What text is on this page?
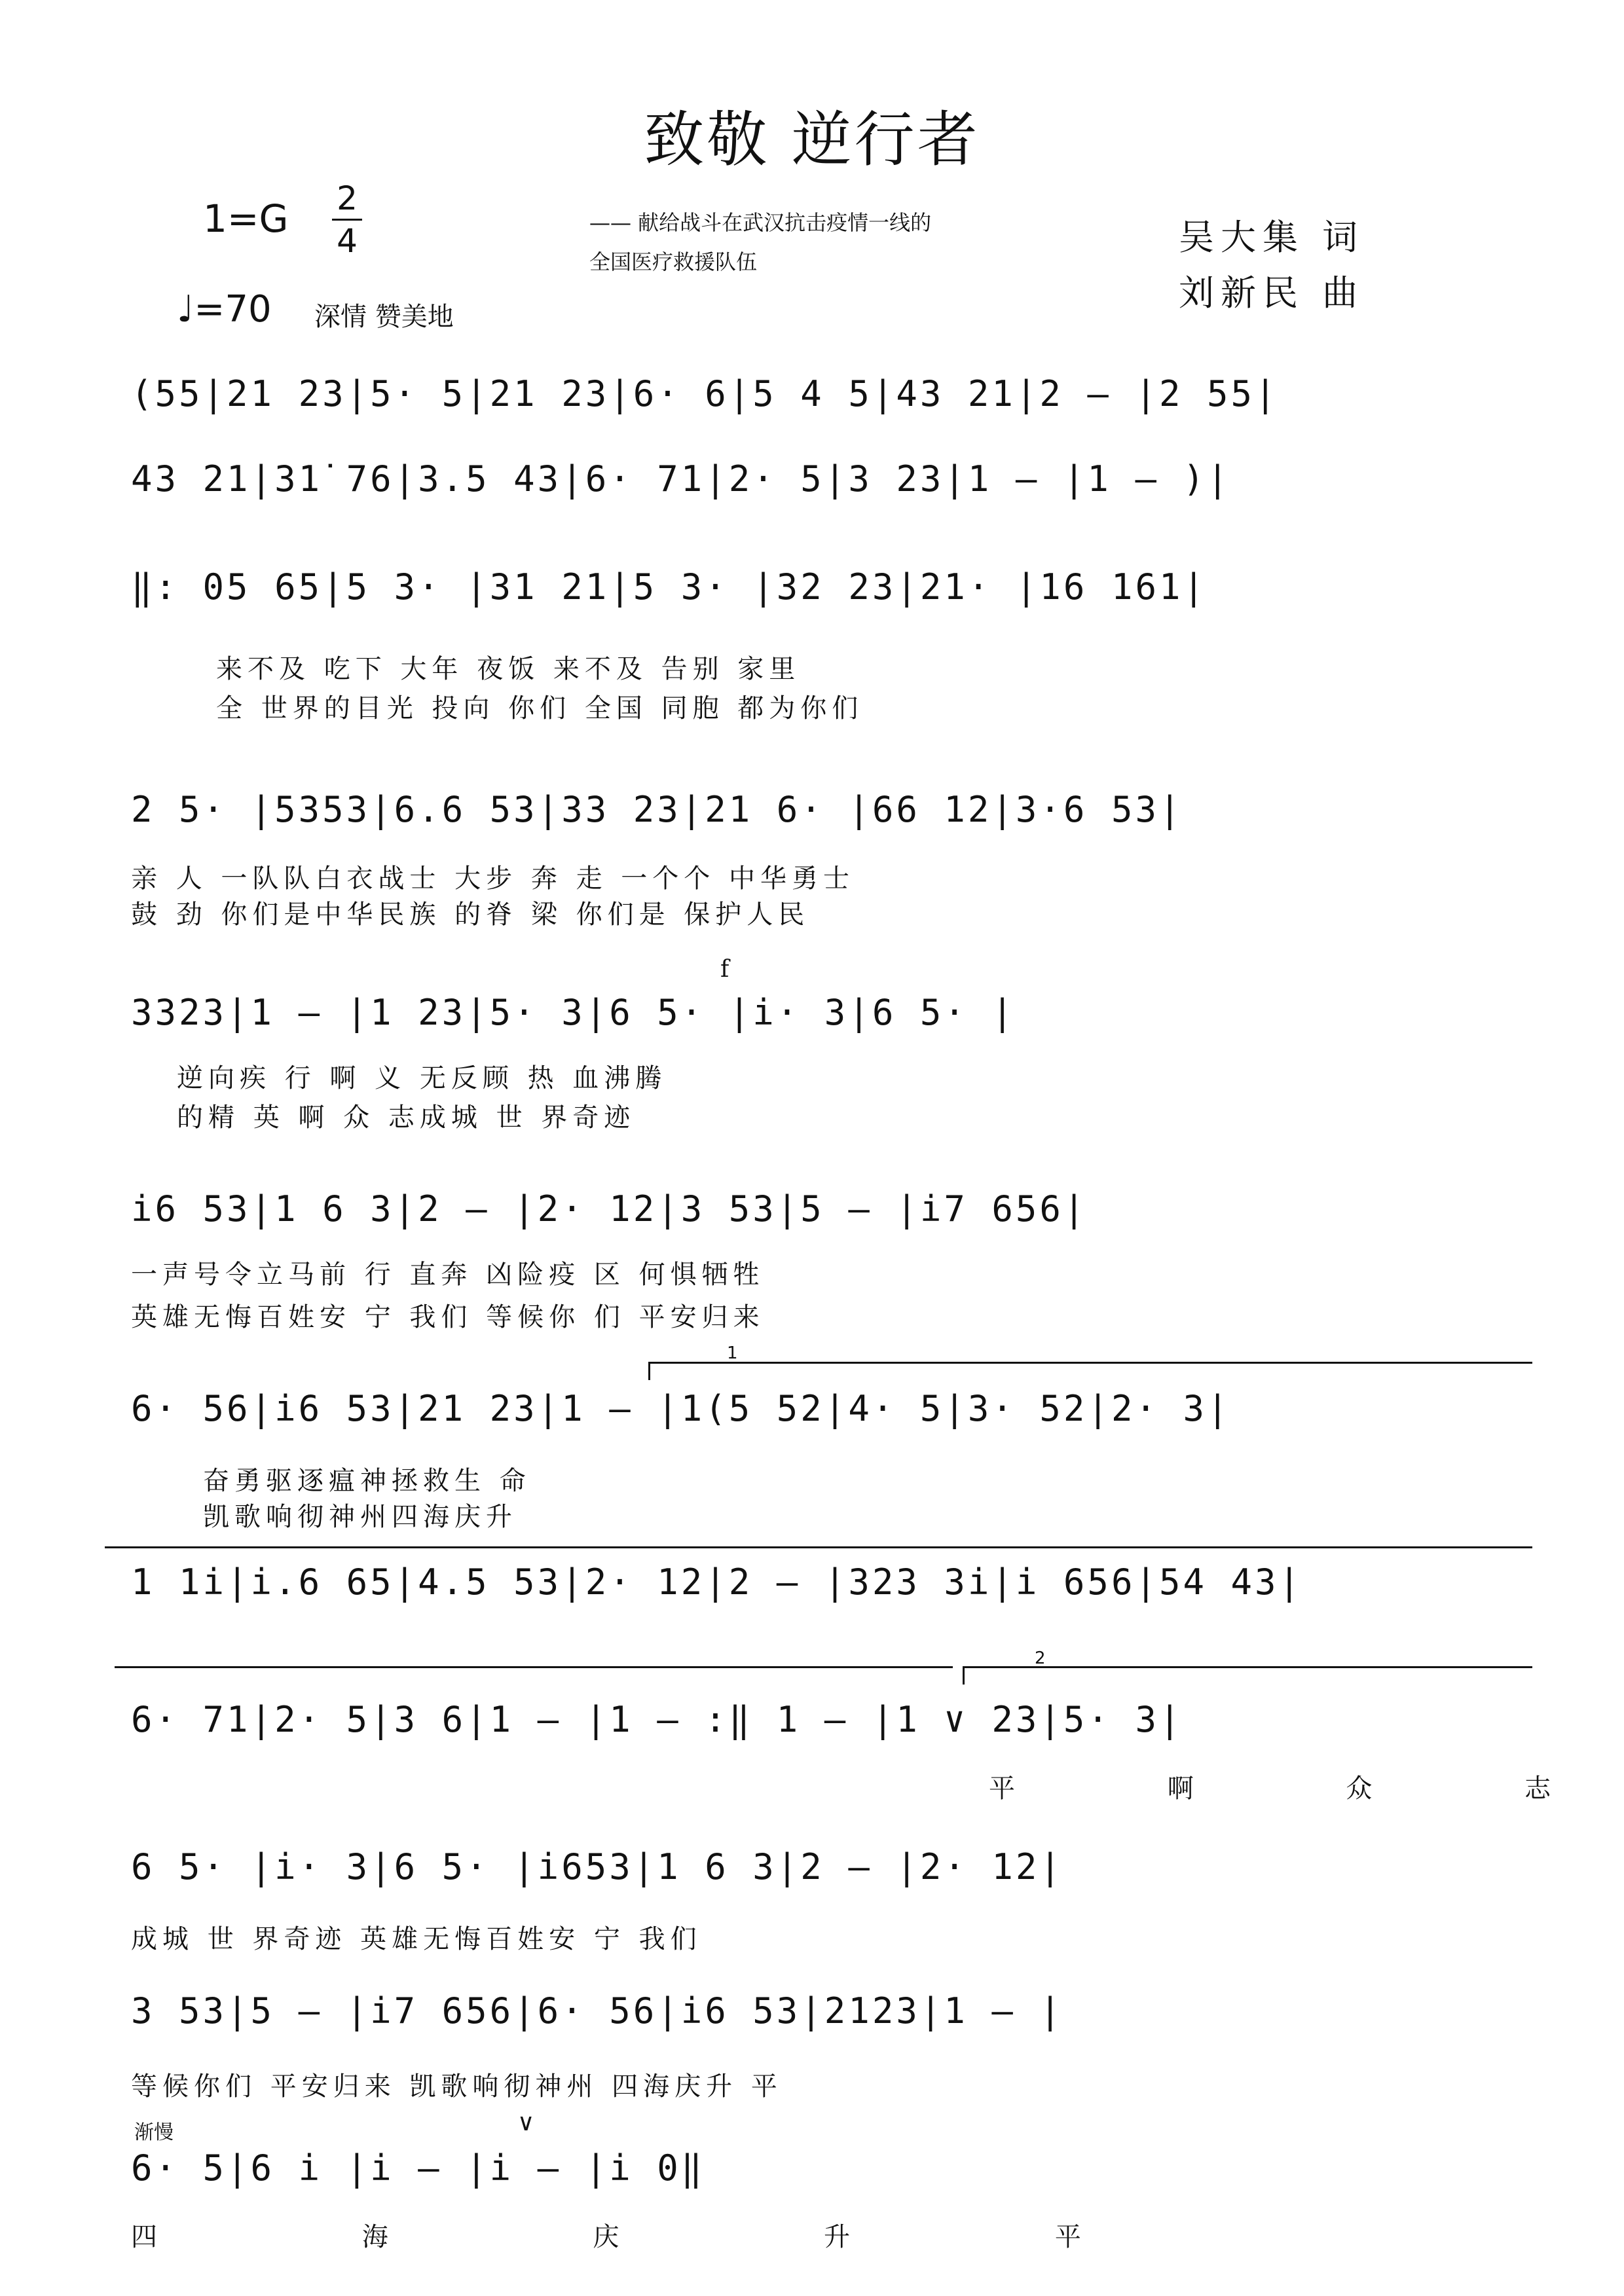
致敬 逆行者
1=G 2
4
♩=70 深情 赞美地
—— 献给战斗在武汉抗击疫情一线的
全国医疗救援队伍
吴大集 词
刘新民 曲
(55|21 23|5· 5|21 23|6· 6|5 4 5|43 21|2 — |2 55|
43 21|31̇ 76|3.5 43|6· 71|2· 5|3 23|1 — |1 — )|
‖: 05 65|5 3· |31 21|5 3· |32 23|21· |16 161|
来不及 吃下 大年 夜饭 来不及 告别 家里
全 世界的目光 投向 你们 全国 同胞 都为你们
2 5· |5353|6.6 53|33 23|21 6· |66 12|3·6 53|
亲 人 一队队白衣战士 大步 奔 走 一个个 中华勇士
鼓 劲 你们是中华民族 的脊 梁 你们是 保护人民
f
3323|1 — |1 23|5· 3|6 5· |i· 3|6 5· |
逆向疾 行 啊 义 无反顾 热 血沸腾
的精 英 啊 众 志成城 世 界奇迹
i6 53|1 6 3|2 — |2· 12|3 53|5 — |i7 656|
一声号令立马前 行 直奔 凶险疫 区 何惧牺牲
英雄无悔百姓安 宁 我们 等候你 们 平安归来
1
6· 56|i6 53|21 23|1 — |1(5 52|4· 5|3· 52|2· 3|
奋勇驱逐瘟神拯救生 命
凯歌响彻神州四海庆升
1 1i|i.6 65|4.5 53|2· 12|2 — |323 3i|i 656|54 43|
2
6· 71|2· 5|3 6|1 — |1 — :‖ 1 — |1 ∨ 23|5· 3|
平 啊 众 志
6 5· |i· 3|6 5· |i653|1 6 3|2 — |2· 12|
成城 世 界奇迹 英雄无悔百姓安 宁 我们
3 53|5 — |i7 656|6· 56|i6 53|2123|1 — |
等候你们 平安归来 凯歌响彻神州 四海庆升 平
渐慢	∨
6· 5|6 i |i — |i — |i 0‖
四 海 庆 升 平
